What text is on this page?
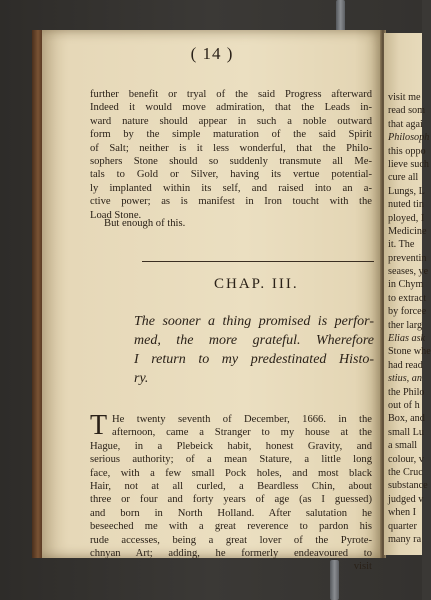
( 14 )
further benefit or tryal of the said Progress afterward
Indeed it would move admiration, that the Leads in-
ward nature should appear in such a noble outward
form by the simple maturation of the said Spirit
of Salt; neither is it less wonderful, that the Philo-
sophers Stone should so suddenly transmute all Me-
tals to Gold or Silver, having its vertue potential-
ly implanted within its self, and raised into an a-
ctive power; as is manifest in Iron toucht with the
Load Stone.
But enough of this.
CHAP. III.
The sooner a thing promised is perfor-
med, the more grateful. Wherefore
I return to my predestinated Histo-
ry.
T He twenty seventh of December, 1666. in the
afternoon, came a Stranger to my house at the
Hague, in a Plebeick habit, honest Gravity, and
serious authority; of a mean Stature, a little long
face, with a few small Pock holes, and most black
Hair, not at all curled, a Beardless Chin, about
three or four and forty years of age (as I guessed)
and born in North Holland. After salutation he
beseeched me with a great reverence to pardon his
rude accesses, being a great lover of the Pyrote-
chnyan Art; adding, he formerly endeavoured to
visit
visit me
read som
that agai
Philosoph
this oppo
lieve such
cure all
Lungs, L
nuted tin
ployed, I
Medicine
it. The
preventin
seases, ye
in Chym
to extract
by forcee
ther larg
Elias ask
Stone whe
had read
stius, an
the Philo
out of h
Box, and
small Lu
a small
colour, v
the Cruc
substance
judged v
when I
quarter
many ra
